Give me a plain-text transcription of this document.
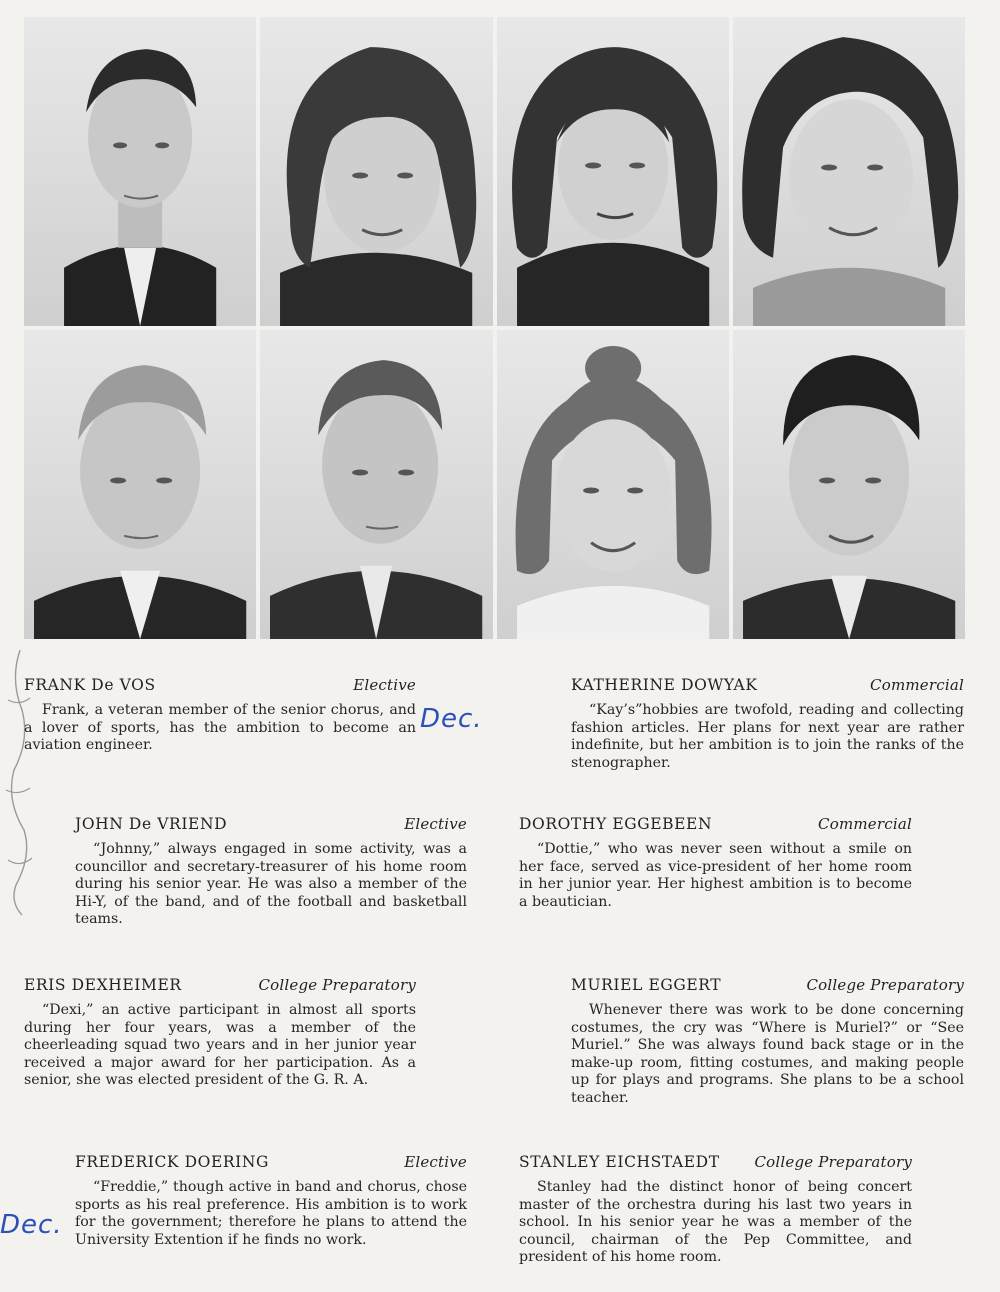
FRANK De VOS	Elective

Frank, a veteran member of the senior chorus, and a lover of sports, has the ambition to become an aviation engineer.

Dec.
JOHN De VRIEND	Elective

“Johnny,” always engaged in some activity, was a councillor and secretary-treasurer of his home room during his senior year. He was also a member of the Hi-Y, of the band, and of the football and basketball teams.

ERIS DEXHEIMER	College Preparatory

“Dexi,” an active participant in almost all sports during her four years, was a member of the cheerleading squad two years and in her junior year received a major award for her participation. As a senior, she was elected president of the G. R. A.

FREDERICK DOERING	Elective

“Freddie,” though active in band and chorus, chose sports as his real preference. His ambition is to work for the government; therefore he plans to attend the University Extention if he finds no work.

Dec.
KATHERINE DOWYAK	Commercial

“Kay’s”hobbies are twofold, reading and collecting fashion articles. Her plans for next year are rather indefinite, but her ambition is to join the ranks of the stenographer.

DOROTHY EGGEBEEN	Commercial

“Dottie,” who was never seen without a smile on her face, served as vice-president of her home room in her junior year. Her highest ambition is to become a beautician.

MURIEL EGGERT	College Preparatory

Whenever there was work to be done concerning costumes, the cry was “Where is Muriel?” or “See Muriel.” She was always found back stage or in the make-up room, fitting costumes, and making people up for plays and programs. She plans to be a school teacher.

STANLEY EICHSTAEDT College Preparatory

Stanley had the distinct honor of being concert master of the orchestra during his last two years in school. In his senior year he was a member of the council, chairman of the Pep Committee, and president of his home room.
